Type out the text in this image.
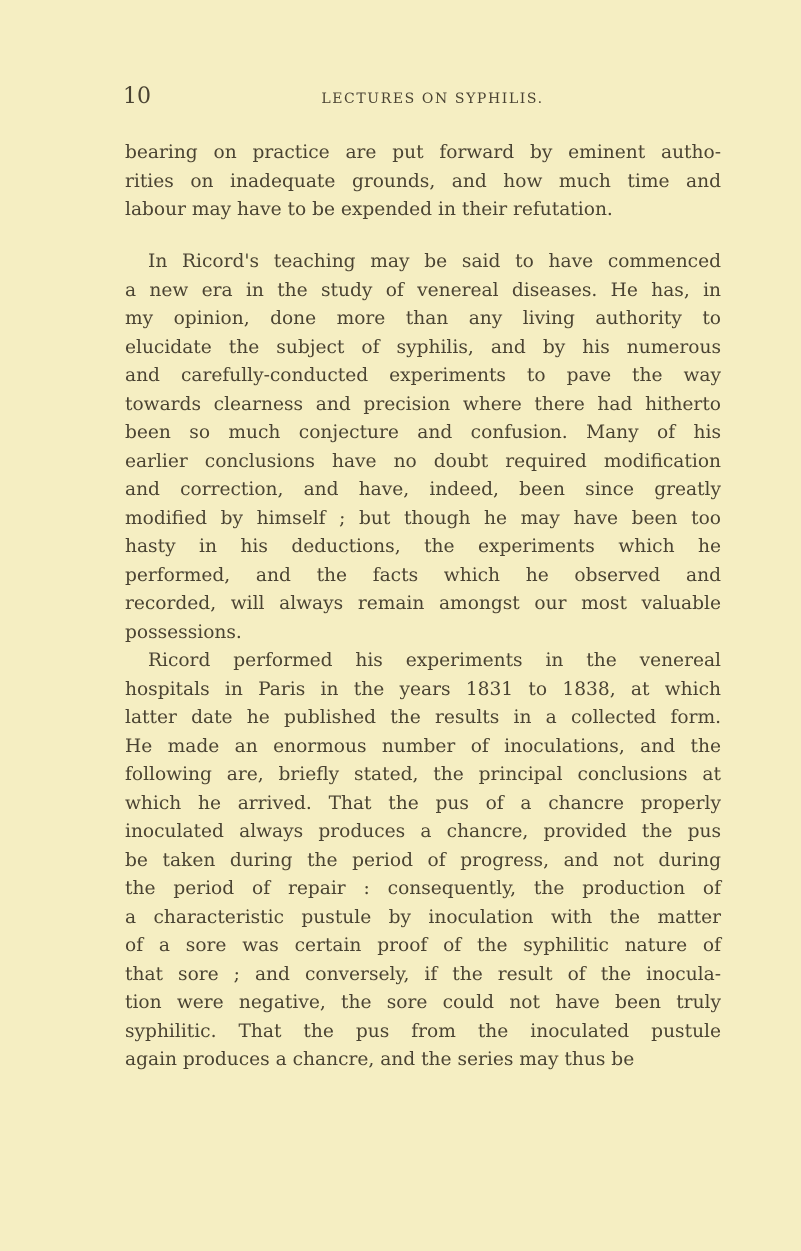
10	LECTURES ON SYPHILIS.
bearing on practice are put forward by eminent autho-
rities on inadequate grounds, and how much time and
labour may have to be expended in their refutation.
In Ricord's teaching may be said to have commenced
a new era in the study of venereal diseases. He has, in
my opinion, done more than any living authority to
elucidate the subject of syphilis, and by his numerous
and carefully-conducted experiments to pave the way
towards clearness and precision where there had hitherto
been so much conjecture and confusion. Many of his
earlier conclusions have no doubt required modification
and correction, and have, indeed, been since greatly
modified by himself ; but though he may have been too
hasty in his deductions, the experiments which he
performed, and the facts which he observed and
recorded, will always remain amongst our most valuable
possessions.
Ricord performed his experiments in the venereal
hospitals in Paris in the years 1831 to 1838, at which
latter date he published the results in a collected form.
He made an enormous number of inoculations, and the
following are, briefly stated, the principal conclusions at
which he arrived. That the pus of a chancre properly
inoculated always produces a chancre, provided the pus
be taken during the period of progress, and not during
the period of repair : consequently, the production of
a characteristic pustule by inoculation with the matter
of a sore was certain proof of the syphilitic nature of
that sore ; and conversely, if the result of the inocula-
tion were negative, the sore could not have been truly
syphilitic. That the pus from the inoculated pustule
again produces a chancre, and the series may thus be
